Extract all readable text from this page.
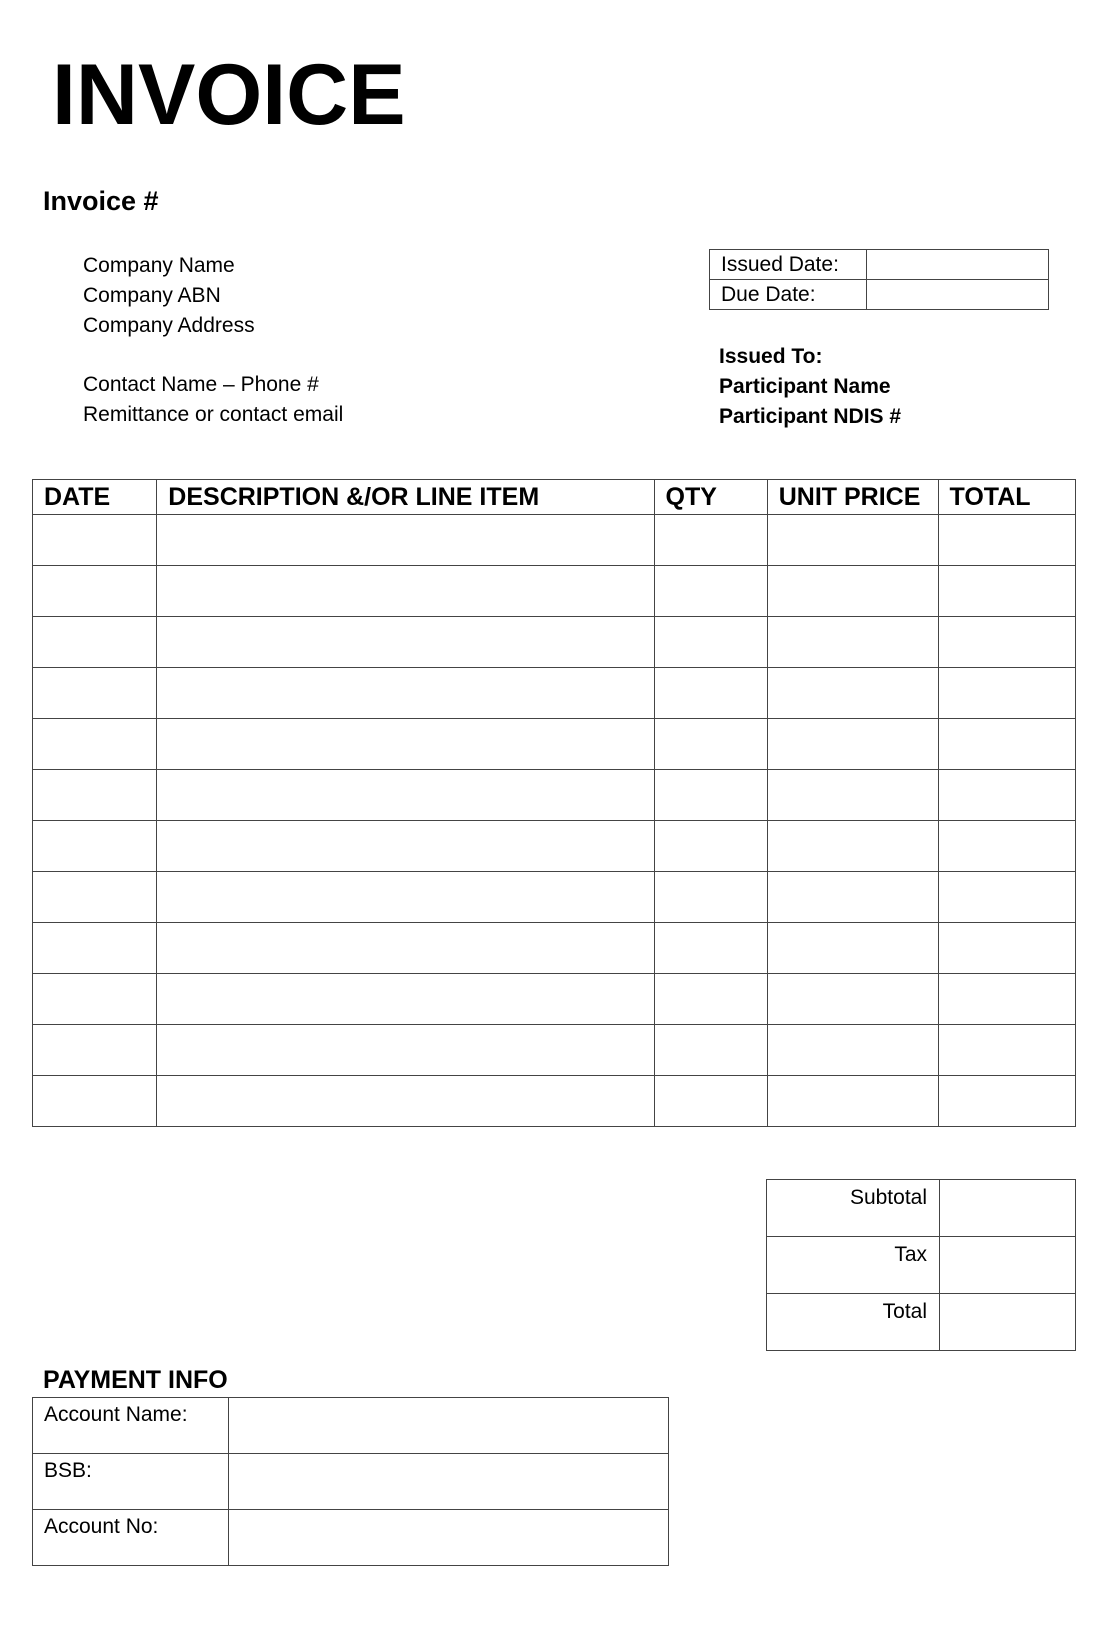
INVOICE
Invoice #
Company Name
Company ABN
Company Address
Contact Name – Phone #
Remittance or contact email
Issued Date:	
Due Date:	
Issued To:
Participant Name
Participant NDIS #
DATE	DESCRIPTION &/OR LINE ITEM	QTY	UNIT PRICE	TOTAL

Subtotal	
Tax	
Total	
PAYMENT INFO
Account Name:	
BSB:	
Account No:	
